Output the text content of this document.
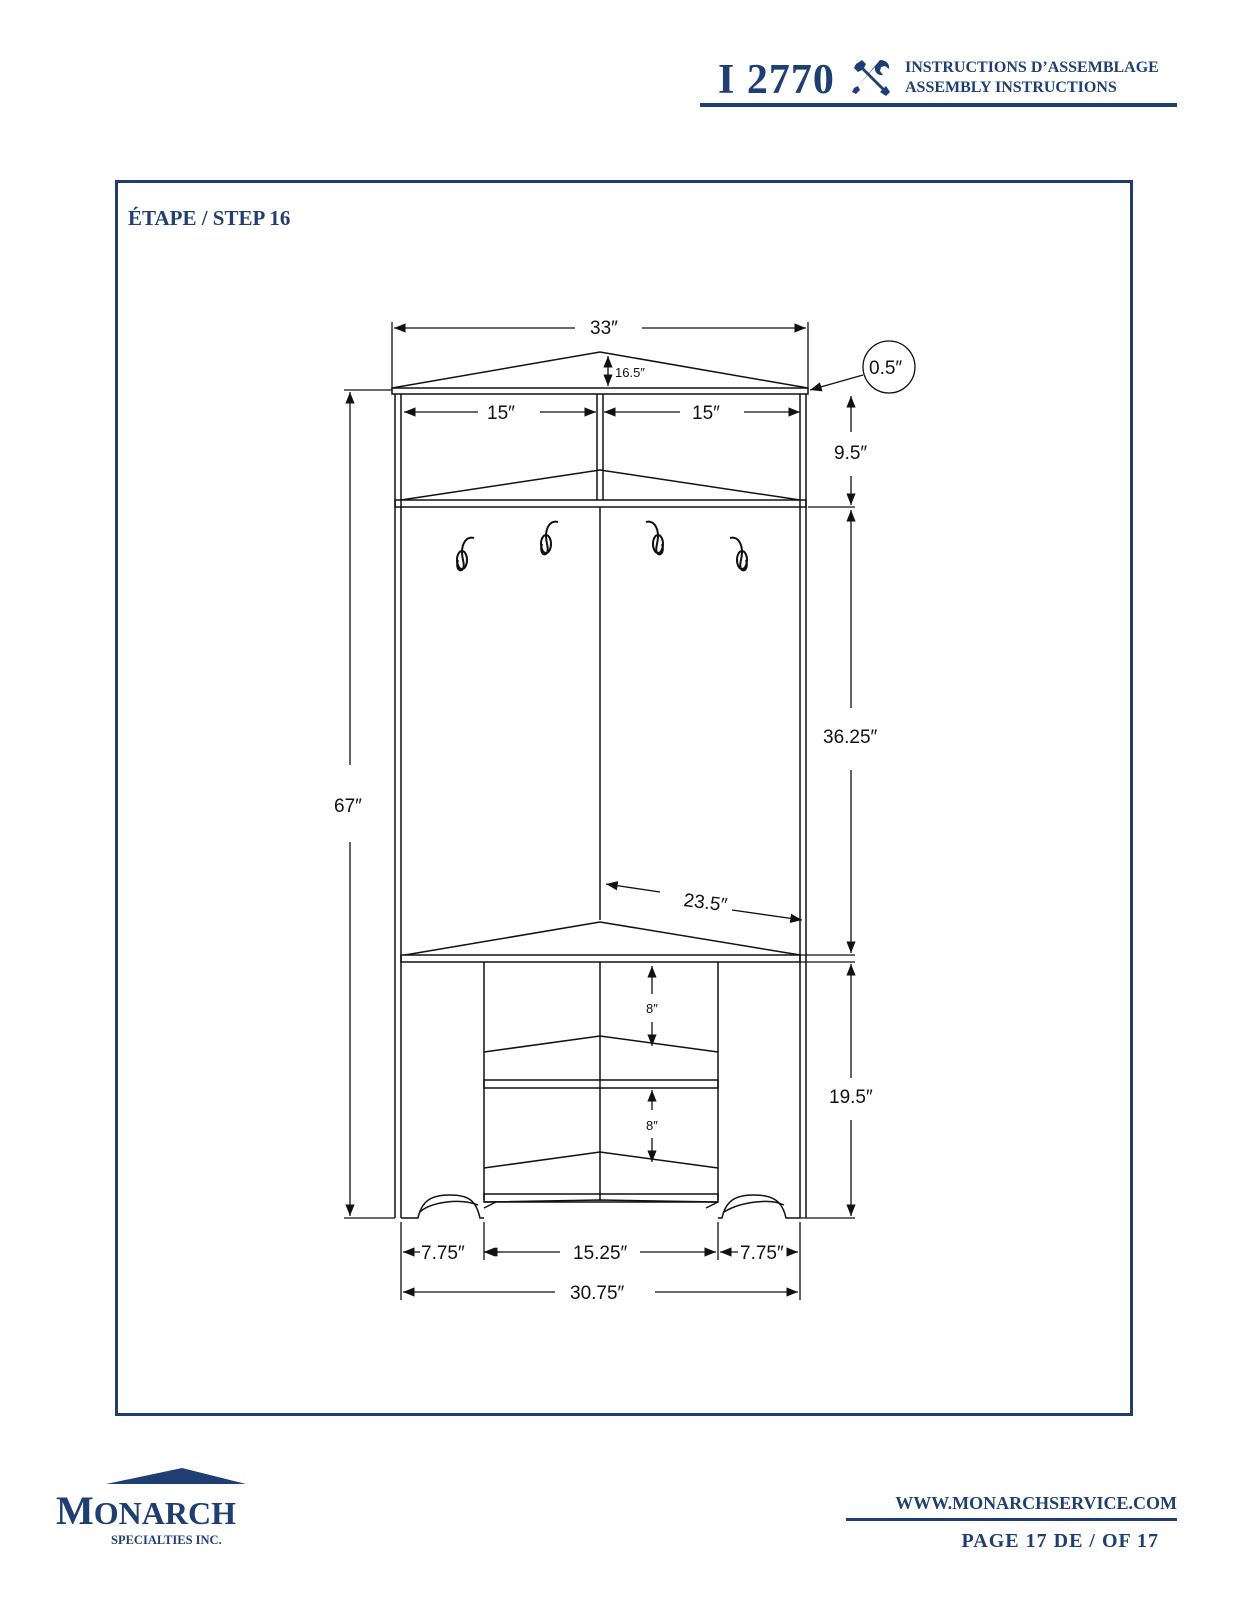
I 2770	INSTRUCTIONS D’ASSEMBLAGE
ASSEMBLY INSTRUCTIONS
ÉTAPE / STEP 16
33″
16.5″	0.5″
15″	15″
9.5″
67″
36.25″
23.5″
19.5″
8″
8″
7.75″	15.25″	7.75″
30.75″
MONARCH
SPECIALTIES INC.
WWW.MONARCHSERVICE.COM
PAGE 17 DE / OF 17
